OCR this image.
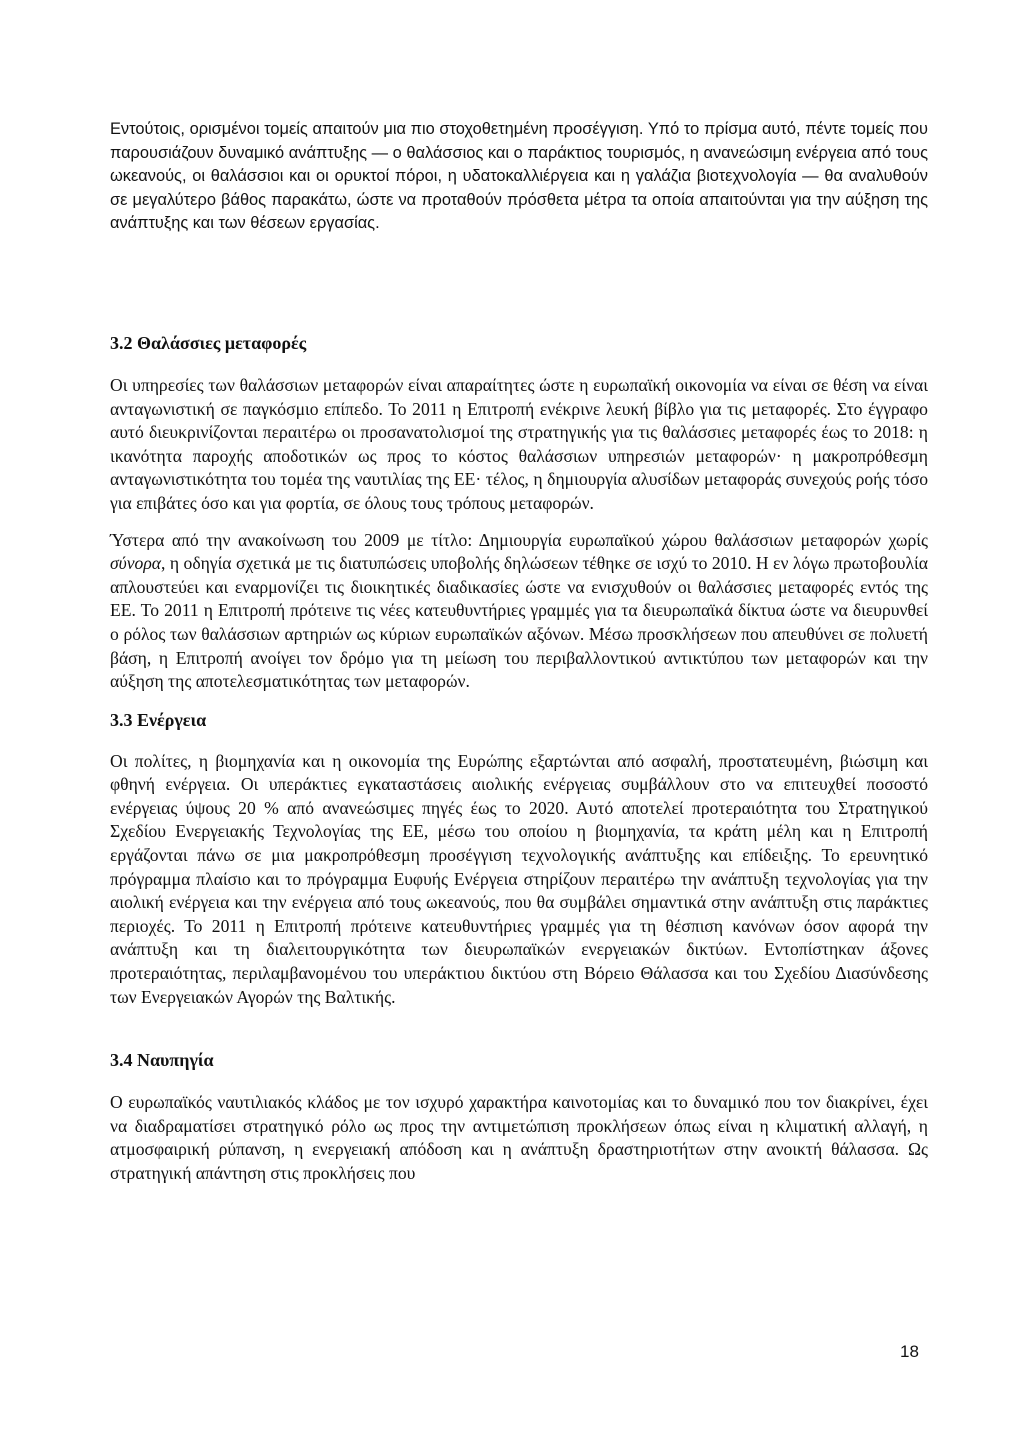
Εντούτοις, ορισμένοι τομείς απαιτούν μια πιο στοχοθετημένη προσέγγιση. Υπό το πρίσμα αυτό, πέντε τομείς που παρουσιάζουν δυναμικό ανάπτυξης — ο θαλάσσιος και ο παράκτιος τουρισμός, η ανανεώσιμη ενέργεια από τους ωκεανούς, οι θαλάσσιοι και οι ορυκτοί πόροι, η υδατοκαλλιέργεια και η γαλάζια βιοτεχνολογία — θα αναλυθούν σε μεγαλύτερο βάθος παρακάτω, ώστε να προταθούν πρόσθετα μέτρα τα οποία απαιτούνται για την αύξηση της ανάπτυξης και των θέσεων εργασίας.

3.2 Θαλάσσιες μεταφορές

Οι υπηρεσίες των θαλάσσιων μεταφορών είναι απαραίτητες ώστε η ευρωπαϊκή οικονομία να είναι σε θέση να είναι ανταγωνιστική σε παγκόσμιο επίπεδο. Το 2011 η Επιτροπή ενέκρινε λευκή βίβλο για τις μεταφορές. Στο έγγραφο αυτό διευκρινίζονται περαιτέρω οι προσανατολισμοί της στρατηγικής για τις θαλάσσιες μεταφορές έως το 2018: η ικανότητα παροχής αποδοτικών ως προς το κόστος θαλάσσιων υπηρεσιών μεταφορών· η μακροπρόθεσμη ανταγωνιστικότητα του τομέα της ναυτιλίας της ΕΕ· τέλος, η δημιουργία αλυσίδων μεταφοράς συνεχούς ροής τόσο για επιβάτες όσο και για φορτία, σε όλους τους τρόπους μεταφορών.

Ύστερα από την ανακοίνωση του 2009 με τίτλο: Δημιουργία ευρωπαϊκού χώρου θαλάσσιων μεταφορών χωρίς σύνορα, η οδηγία σχετικά με τις διατυπώσεις υποβολής δηλώσεων τέθηκε σε ισχύ το 2010. Η εν λόγω πρωτοβουλία απλουστεύει και εναρμονίζει τις διοικητικές διαδικασίες ώστε να ενισχυθούν οι θαλάσσιες μεταφορές εντός της ΕΕ. Το 2011 η Επιτροπή πρότεινε τις νέες κατευθυντήριες γραμμές για τα διευρωπαϊκά δίκτυα ώστε να διευρυνθεί ο ρόλος των θαλάσσιων αρτηριών ως κύριων ευρωπαϊκών αξόνων. Μέσω προσκλήσεων που απευθύνει σε πολυετή βάση, η Επιτροπή ανοίγει τον δρόμο για τη μείωση του περιβαλλοντικού αντικτύπου των μεταφορών και την αύξηση της αποτελεσματικότητας των μεταφορών.

3.3 Ενέργεια

Οι πολίτες, η βιομηχανία και η οικονομία της Ευρώπης εξαρτώνται από ασφαλή, προστατευμένη, βιώσιμη και φθηνή ενέργεια. Οι υπεράκτιες εγκαταστάσεις αιολικής ενέργειας συμβάλλουν στο να επιτευχθεί ποσοστό ενέργειας ύψους 20 % από ανανεώσιμες πηγές έως το 2020. Αυτό αποτελεί προτεραιότητα του Στρατηγικού Σχεδίου Ενεργειακής Τεχνολογίας της ΕΕ, μέσω του οποίου η βιομηχανία, τα κράτη μέλη και η Επιτροπή εργάζονται πάνω σε μια μακροπρόθεσμη προσέγγιση τεχνολογικής ανάπτυξης και επίδειξης. Το ερευνητικό πρόγραμμα πλαίσιο και το πρόγραμμα Ευφυής Ενέργεια στηρίζουν περαιτέρω την ανάπτυξη τεχνολογίας για την αιολική ενέργεια και την ενέργεια από τους ωκεανούς, που θα συμβάλει σημαντικά στην ανάπτυξη στις παράκτιες περιοχές. Το 2011 η Επιτροπή πρότεινε κατευθυντήριες γραμμές για τη θέσπιση κανόνων όσον αφορά την ανάπτυξη και τη διαλειτουργικότητα των διευρωπαϊκών ενεργειακών δικτύων. Εντοπίστηκαν άξονες προτεραιότητας, περιλαμβανομένου του υπεράκτιου δικτύου στη Βόρειο Θάλασσα και του Σχεδίου Διασύνδεσης των Ενεργειακών Αγορών της Βαλτικής.

3.4 Ναυπηγία

Ο ευρωπαϊκός ναυτιλιακός κλάδος με τον ισχυρό χαρακτήρα καινοτομίας και το δυναμικό που τον διακρίνει, έχει να διαδραματίσει στρατηγικό ρόλο ως προς την αντιμετώπιση προκλήσεων όπως είναι η κλιματική αλλαγή, η ατμοσφαιρική ρύπανση, η ενεργειακή απόδοση και η ανάπτυξη δραστηριοτήτων στην ανοικτή θάλασσα. Ως στρατηγική απάντηση στις προκλήσεις που

18
